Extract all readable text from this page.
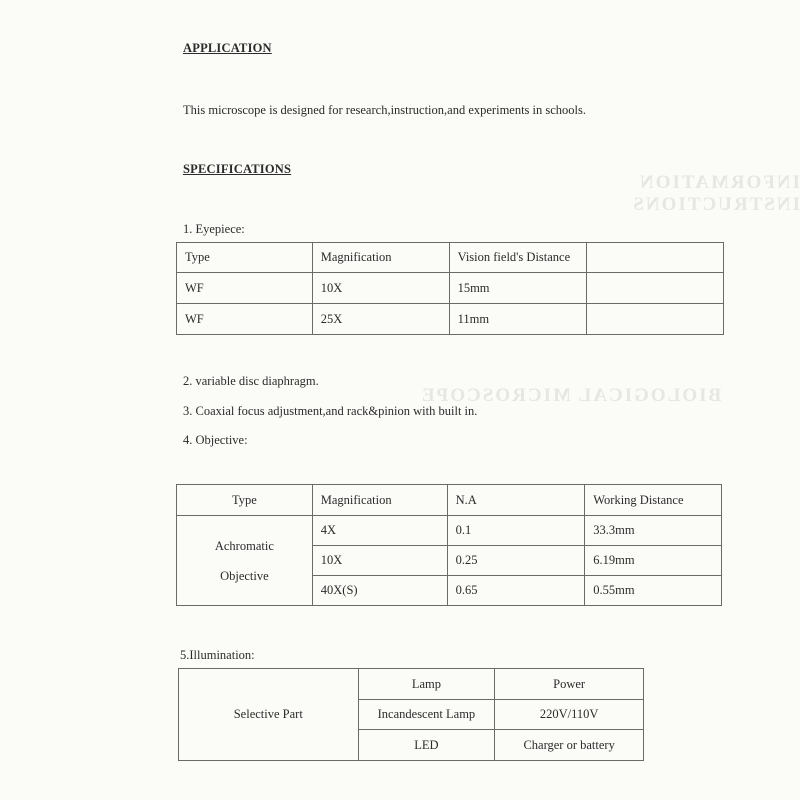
INFORMATION INSTRUCTIONS
BIOLOGICAL MICROSCOPE
APPLICATION
This microscope is designed for research,instruction,and experiments in schools.
SPECIFICATIONS
1. Eyepiece:
Type	Magnification	Vision field's Distance	
WF	10X	15mm	
WF	25X	11mm	
2. variable disc diaphragm.
3. Coaxial focus adjustment,and rack&pinion with built in.
4. Objective:
Type	Magnification	N.A	Working Distance

Achromatic
Objective	4X	0.1	33.3mm
	10X	0.25	6.19mm
	40X(S)	0.65	0.55mm
5.Illumination:
Selective Part	Lamp	Power
	Incandescent Lamp	220V/110V
	LED	Charger or battery
